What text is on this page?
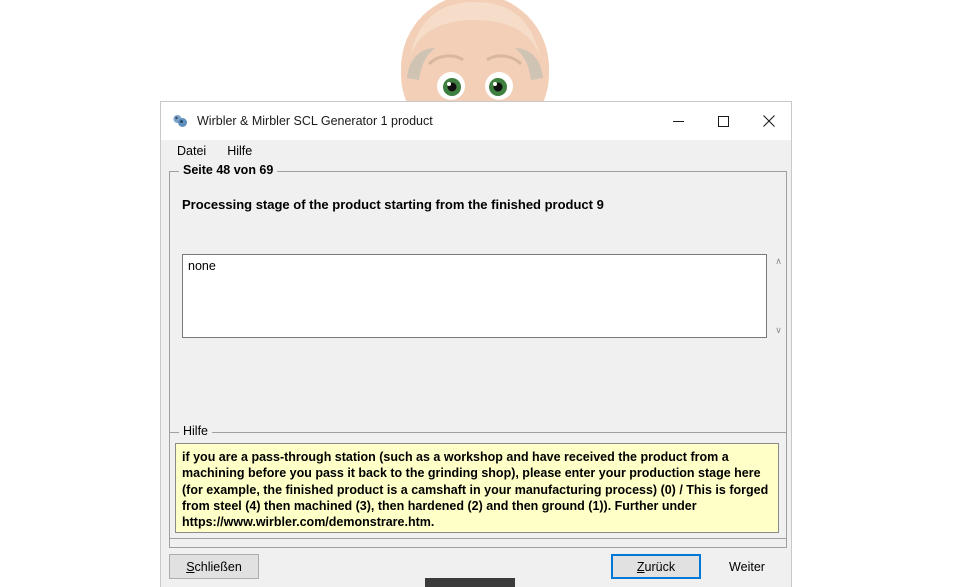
Wirbler & Mirbler SCL Generator 1 product
Datei	Hilfe
Seite 48 von 69
Processing stage of the product starting from the finished product 9
none	∧
∨
Hilfe
if you are a pass-through station (such as a workshop and have received the product from a machining before you pass it back to the grinding shop), please enter your production stage here (for example, the finished product is a camshaft in your manufacturing process) (0) / This is forged from steel (4) then machined (3), then hardened (2) and then ground (1)). Further under https://www.wirbler.com/demonstrare.htm.
S chließen	Z urück	Weiter
